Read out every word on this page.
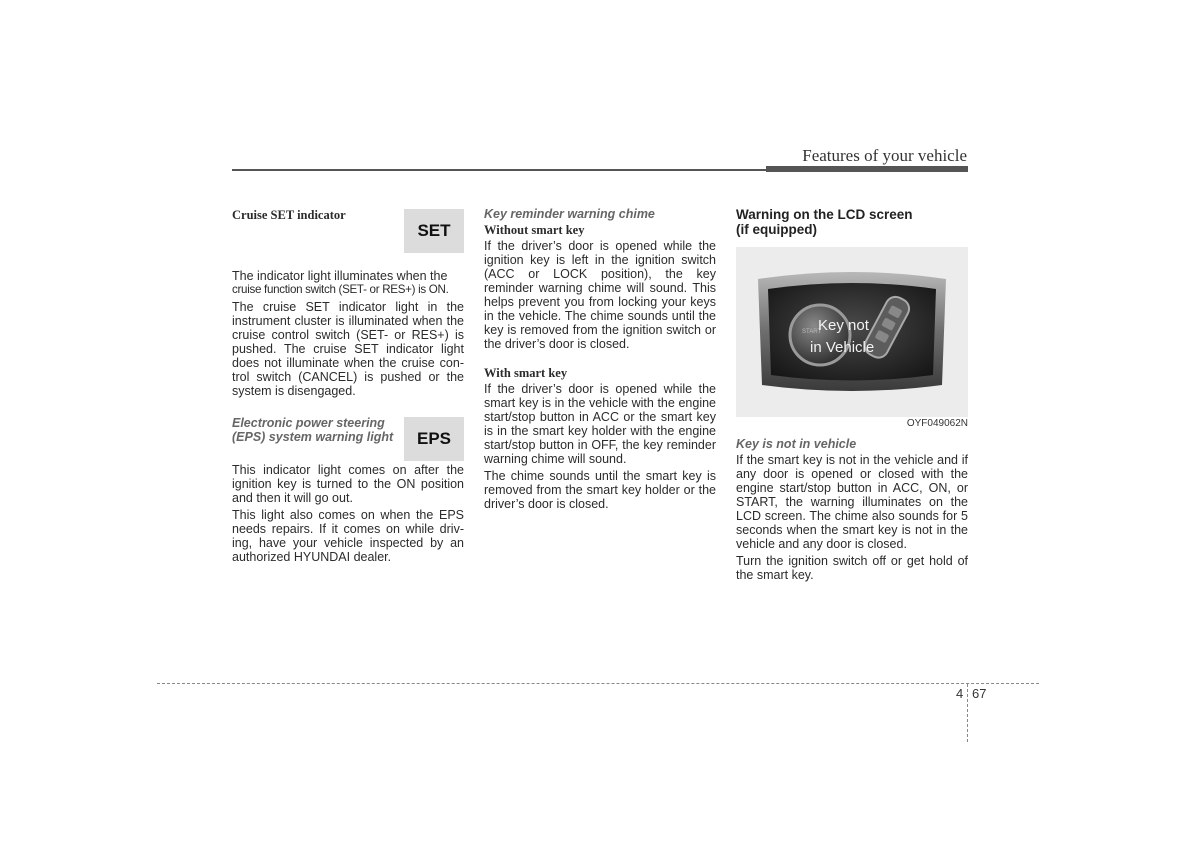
Features of your vehicle
SET
EPS
Cruise SET indicator

The indicator light illuminates when the

cruise function switch (SET- or RES+) is ON.

The cruise SET indicator light in the instrument cluster is illuminated when the cruise control switch (SET- or RES+) is pushed. The cruise SET indicator light does not illuminate when the cruise con-trol switch (CANCEL) is pushed or the system is disengaged.

Electronic power steering (EPS) system warning light

This indicator light comes on after the ignition key is turned to the ON position and then it will go out.

This light also comes on when the EPS needs repairs. If it comes on while driv-ing, have your vehicle inspected by an authorized HYUNDAI dealer.

Key reminder warning chime
Without smart key

If the driver’s door is opened while the ignition key is left in the ignition switch (ACC or LOCK position), the key reminder warning chime will sound. This helps prevent you from locking your keys in the vehicle. The chime sounds until the key is removed from the ignition switch or the driver’s door is closed.

With smart key

If the driver’s door is opened while the smart key is in the vehicle with the engine start/stop button in ACC or the smart key is in the smart key holder with the engine start/stop button in OFF, the key reminder warning chime will sound.

The chime sounds until the smart key is removed from the smart key holder or the driver’s door is closed.

Warning on the LCD screen
(if equipped)
START
Key not
in Vehicle
OYF049062N
Key is not in vehicle

If the smart key is not in the vehicle and if any door is opened or closed with the engine start/stop button in ACC, ON, or START, the warning illuminates on the LCD screen. The chime also sounds for 5 seconds when the smart key is not in the vehicle and any door is closed.

Turn the ignition switch off or get hold of the smart key.

4 67
